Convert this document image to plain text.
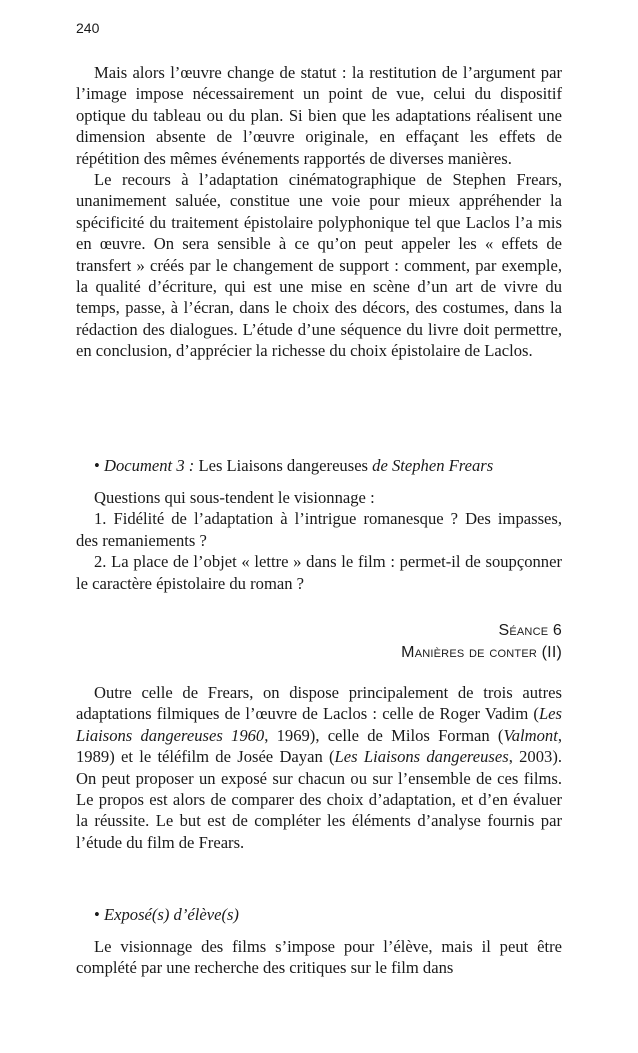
240

Mais alors l’œuvre change de statut : la restitution de l’argument par l’image impose nécessairement un point de vue, celui du dispositif optique du tableau ou du plan. Si bien que les adaptations réalisent une dimension absente de l’œuvre originale, en effaçant les effets de répétition des mêmes événements rapportés de diverses manières.

Le recours à l’adaptation cinématographique de Stephen Frears, unanimement saluée, constitue une voie pour mieux appréhender la spécificité du traitement épistolaire polyphonique tel que Laclos l’a mis en œuvre. On sera sensible à ce qu’on peut appeler les « effets de transfert » créés par le changement de support : comment, par exemple, la qualité d’écriture, qui est une mise en scène d’un art de vivre du temps, passe, à l’écran, dans le choix des décors, des costumes, dans la rédaction des dialogues. L’étude d’une séquence du livre doit permettre, en conclusion, d’apprécier la richesse du choix épistolaire de Laclos.

• Document 3 : Les Liaisons dangereuses de Stephen Frears

Questions qui sous-tendent le visionnage :

1. Fidélité de l’adaptation à l’intrigue romanesque ? Des impasses, des remaniements ?

2. La place de l’objet « lettre » dans le film : permet-il de soupçonner le caractère épistolaire du roman ?

Séance 6
Manières de conter (II)

Outre celle de Frears, on dispose principalement de trois autres adaptations filmiques de l’œuvre de Laclos : celle de Roger Vadim (Les Liaisons dangereuses 1960, 1969), celle de Milos Forman (Valmont, 1989) et le téléfilm de Josée Dayan (Les Liaisons dangereuses, 2003). On peut proposer un exposé sur chacun ou sur l’ensemble de ces films. Le propos est alors de comparer des choix d’adaptation, et d’en évaluer la réussite. Le but est de compléter les éléments d’analyse fournis par l’étude du film de Frears.

• Exposé(s) d’élève(s)

Le visionnage des films s’impose pour l’élève, mais il peut être complété par une recherche des critiques sur le film dans
